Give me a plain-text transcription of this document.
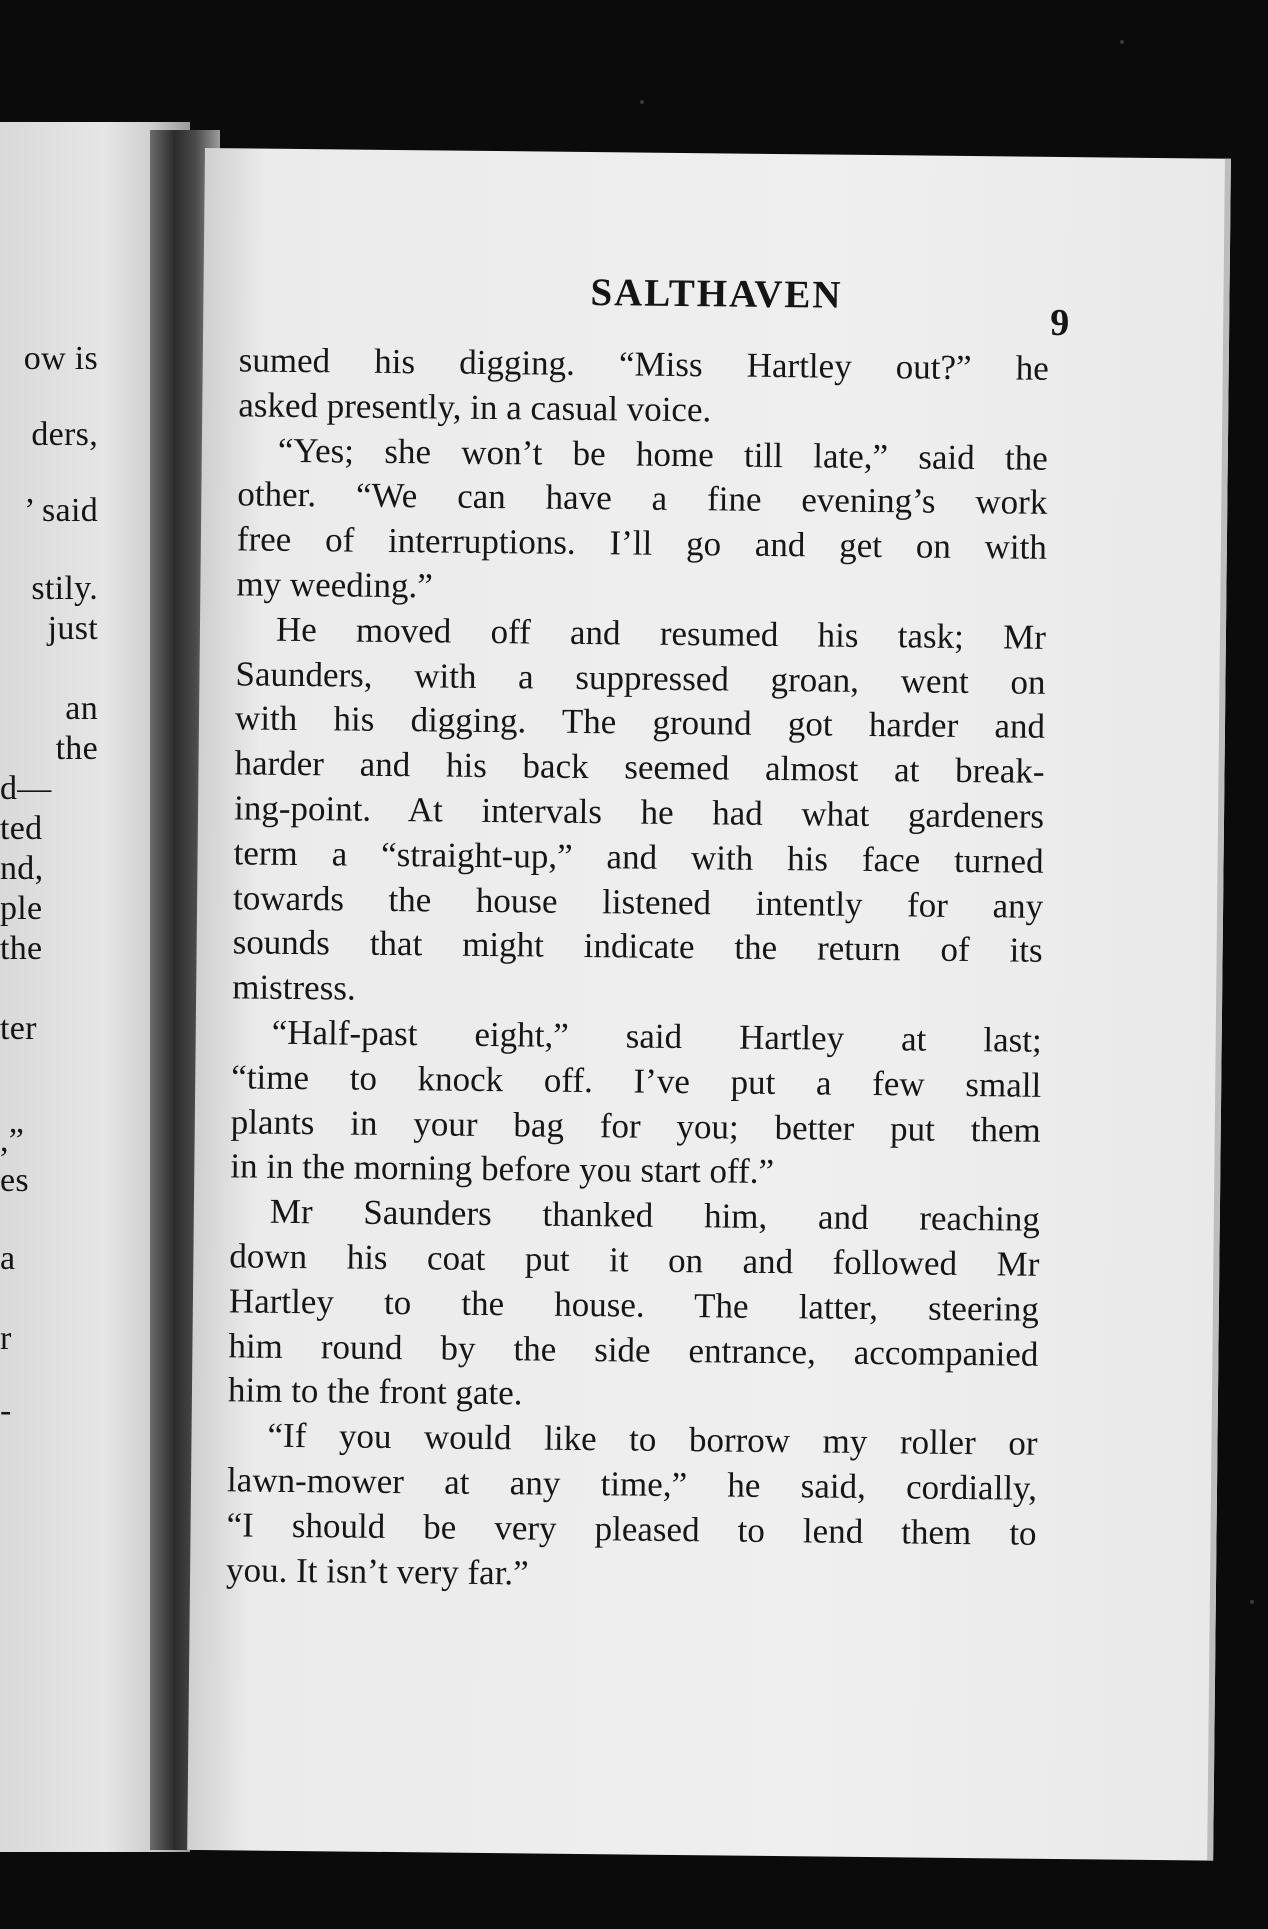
ow is
ders,
’ said
stily.
just
an
the
d—
ted
nd,
ple
the
ter
,”
es
a
r
-
SALTHAVEN
9
sumed his digging. “Miss Hartley out?” he
asked presently, in a casual voice.
“Yes; she won’t be home till late,” said the
other. “We can have a fine evening’s work
free of interruptions. I’ll go and get on with
my weeding.”
He moved off and resumed his task; Mr
Saunders, with a suppressed groan, went on
with his digging. The ground got harder and
harder and his back seemed almost at break-
ing-point. At intervals he had what gardeners
term a “straight-up,” and with his face turned
towards the house listened intently for any
sounds that might indicate the return of its
mistress.
“Half-past eight,” said Hartley at last;
“time to knock off. I’ve put a few small
plants in your bag for you; better put them
in in the morning before you start off.”
Mr Saunders thanked him, and reaching
down his coat put it on and followed Mr
Hartley to the house. The latter, steering
him round by the side entrance, accompanied
him to the front gate.
“If you would like to borrow my roller or
lawn-mower at any time,” he said, cordially,
“I should be very pleased to lend them to
you. It isn’t very far.”
